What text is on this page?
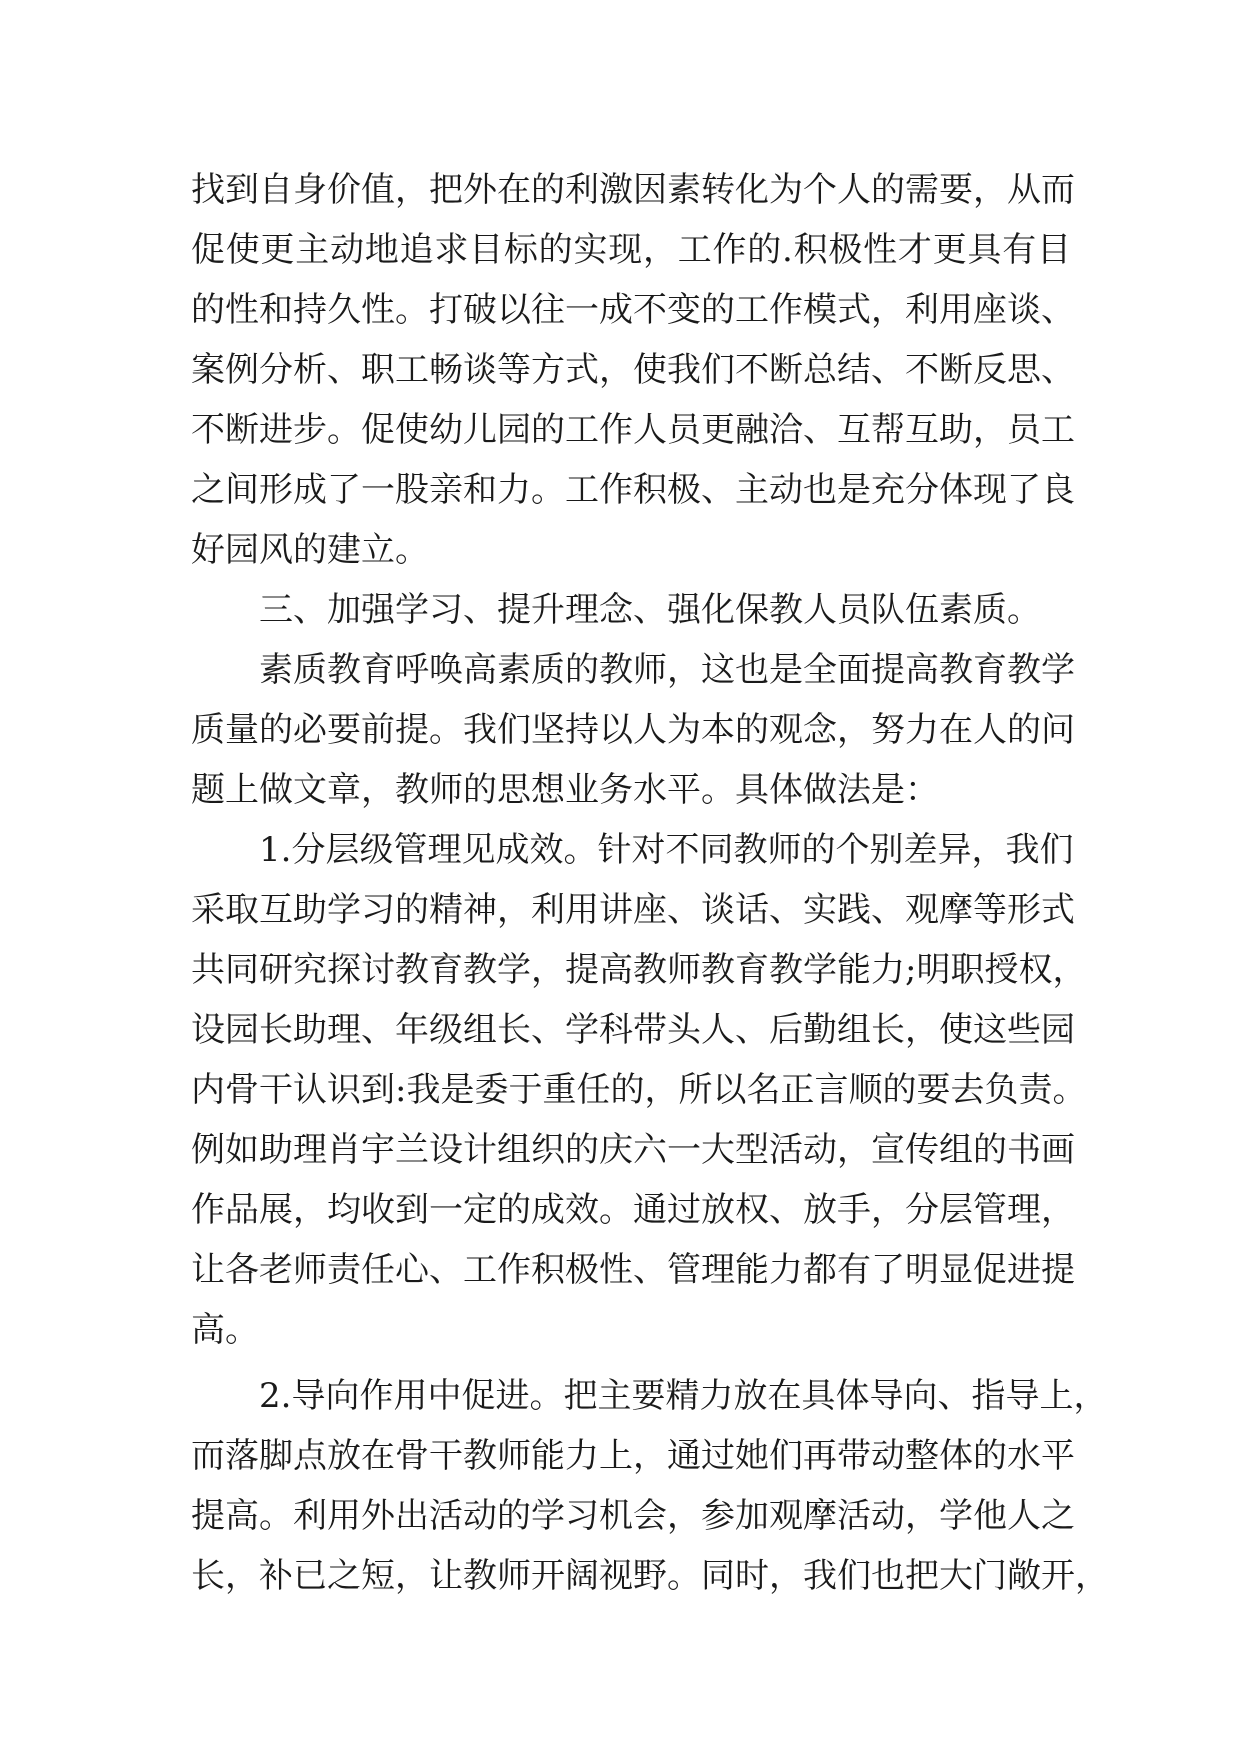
找到自身价值，把外在的利激因素转化为个人的需要，从而
促使更主动地追求目标的实现，工作的.积极性才更具有目
的性和持久性。打破以往一成不变的工作模式，利用座谈、
案例分析、职工畅谈等方式，使我们不断总结、不断反思、
不断进步。促使幼儿园的工作人员更融洽、互帮互助，员工
之间形成了一股亲和力。工作积极、主动也是充分体现了良
好园风的建立。
三、加强学习、提升理念、强化保教人员队伍素质。
素质教育呼唤高素质的教师，这也是全面提高教育教学
质量的必要前提。我们坚持以人为本的观念，努力在人的问
题上做文章，教师的思想业务水平。具体做法是：
1.分层级管理见成效。针对不同教师的个别差异，我们
采取互助学习的精神，利用讲座、谈话、实践、观摩等形式
共同研究探讨教育教学，提高教师教育教学能力;明职授权，
设园长助理、年级组长、学科带头人、后勤组长，使这些园
内骨干认识到:我是委于重任的，所以名正言顺的要去负责。
例如助理肖宇兰设计组织的庆六一大型活动，宣传组的书画
作品展，均收到一定的成效。通过放权、放手，分层管理，
让各老师责任心、工作积极性、管理能力都有了明显促进提
高。
2.导向作用中促进。把主要精力放在具体导向、指导上，
而落脚点放在骨干教师能力上，通过她们再带动整体的水平
提高。利用外出活动的学习机会，参加观摩活动，学他人之
长，补已之短，让教师开阔视野。同时，我们也把大门敞开，
